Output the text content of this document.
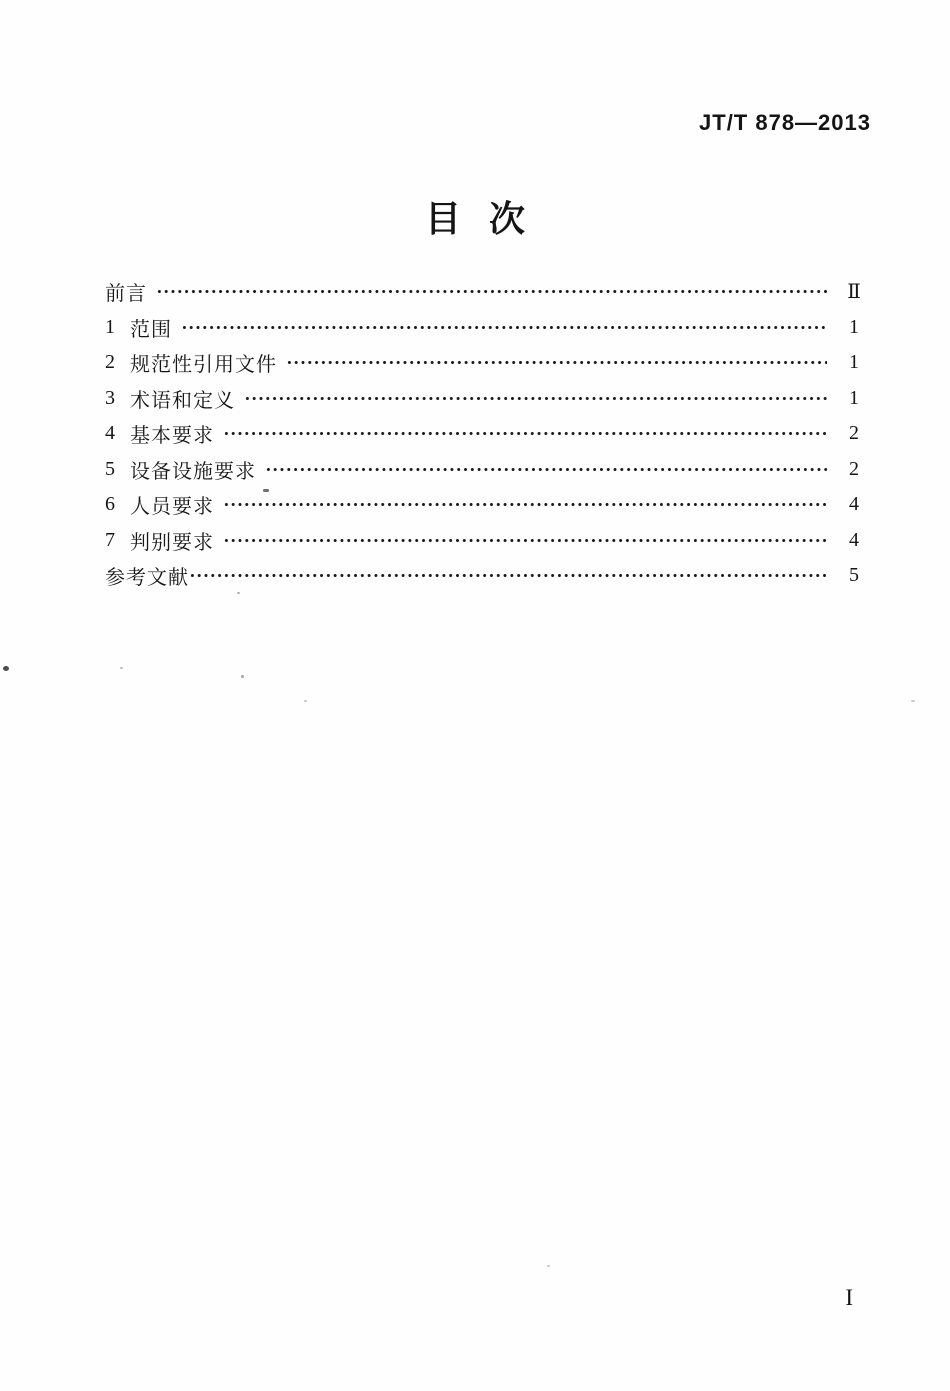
JT/T 878—2013
目 次
前言	Ⅱ
1 范围	1
2 规范性引用文件	1
3 术语和定义	1
4 基本要求	2
5 设备设施要求	2
6 人员要求	4
7 判别要求	4
参考文献	5
I
